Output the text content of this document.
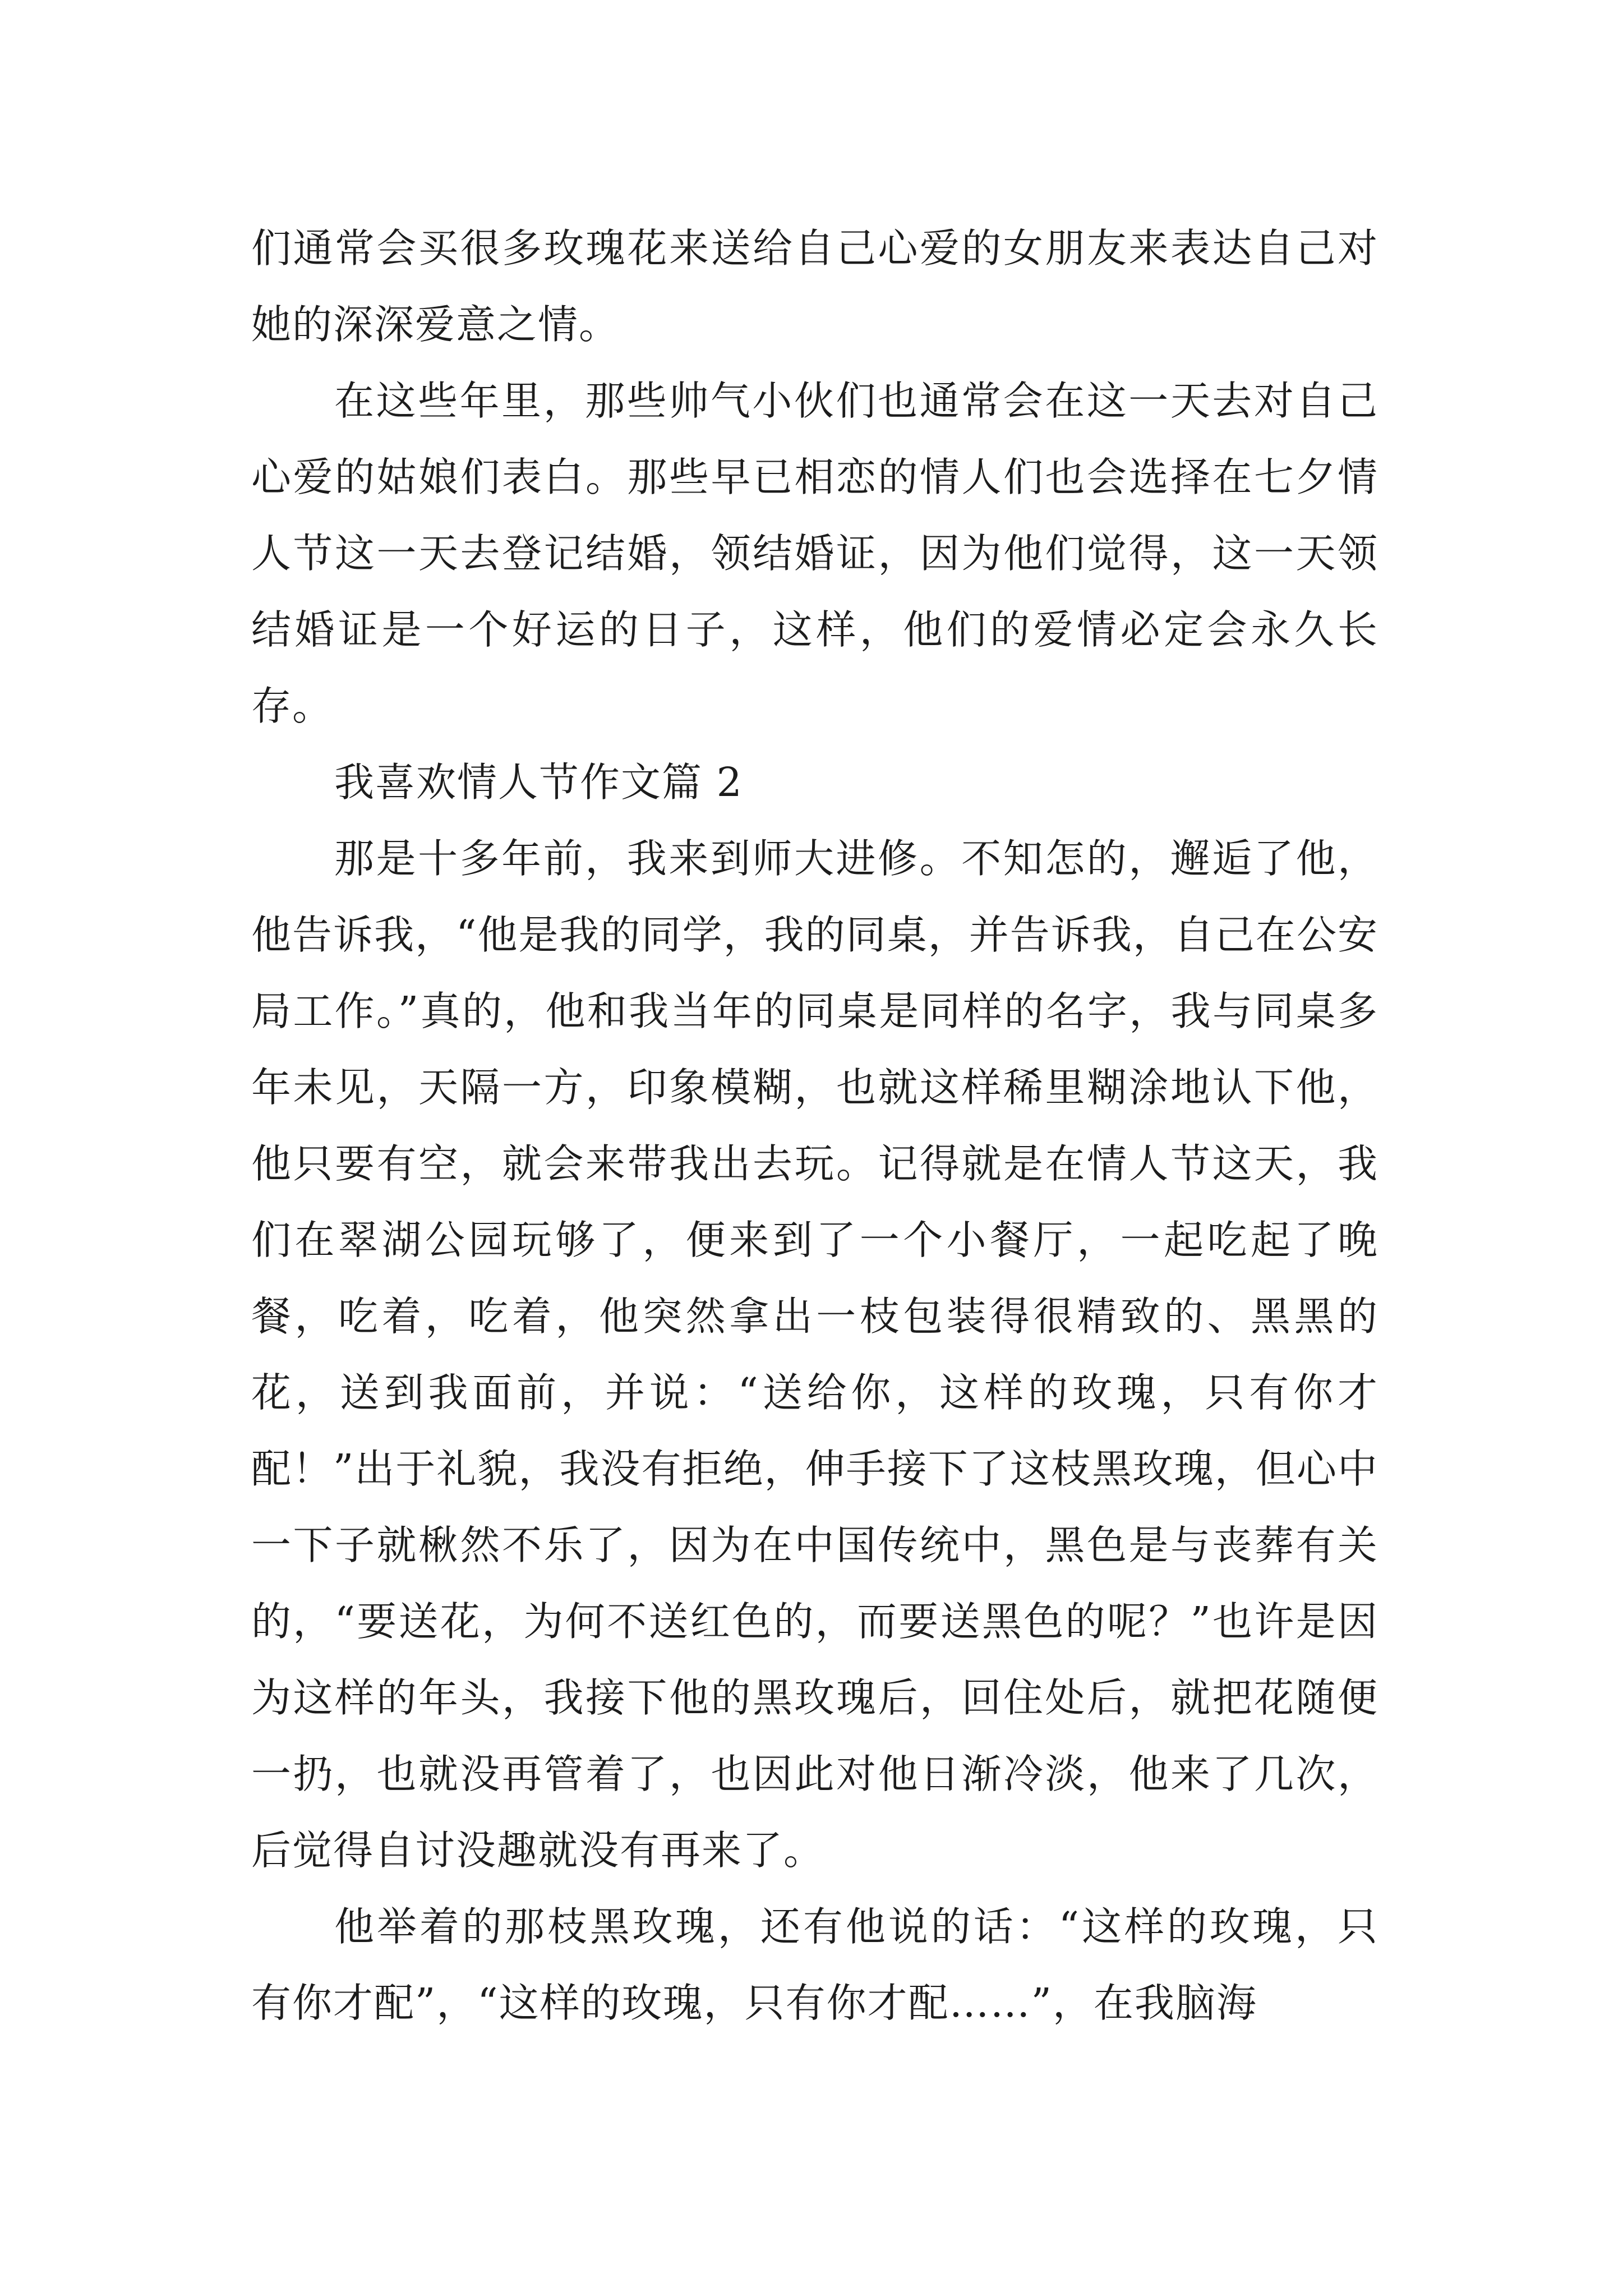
们通常会买很多玫瑰花来送给自己心爱的女朋友来表达自己对她的深深爱意之情。

在这些年里，那些帅气小伙们也通常会在这一天去对自己心爱的姑娘们表白。那些早已相恋的情人们也会选择在七夕情人节这一天去登记结婚，领结婚证，因为他们觉得，这一天领结婚证是一个好运的日子，这样，他们的爱情必定会永久长存。

我喜欢情人节作文篇 2

那是十多年前，我来到师大进修。不知怎的，邂逅了他，他告诉我，“他是我的同学，我的同桌，并告诉我，自己在公安局工作。”真的，他和我当年的同桌是同样的名字，我与同桌多年未见，天隔一方，印象模糊，也就这样稀里糊涂地认下他，他只要有空，就会来带我出去玩。记得就是在情人节这天，我们在翠湖公园玩够了，便来到了一个小餐厅，一起吃起了晚餐，吃着，吃着，他突然拿出一枝包装得很精致的、黑黑的花，送到我面前，并说：“送给你，这样的玫瑰，只有你才配！”出于礼貌，我没有拒绝，伸手接下了这枝黑玫瑰，但心中一下子就楸然不乐了，因为在中国传统中，黑色是与丧葬有关的，“要送花，为何不送红色的，而要送黑色的呢？”也许是因为这样的年头，我接下他的黑玫瑰后，回住处后，就把花随便一扔，也就没再管着了，也因此对他日渐冷淡，他来了几次，后觉得自讨没趣就没有再来了。

他举着的那枝黑玫瑰，还有他说的话：“这样的玫瑰，只有你才配”，“这样的玫瑰，只有你才配……”，在我脑海
